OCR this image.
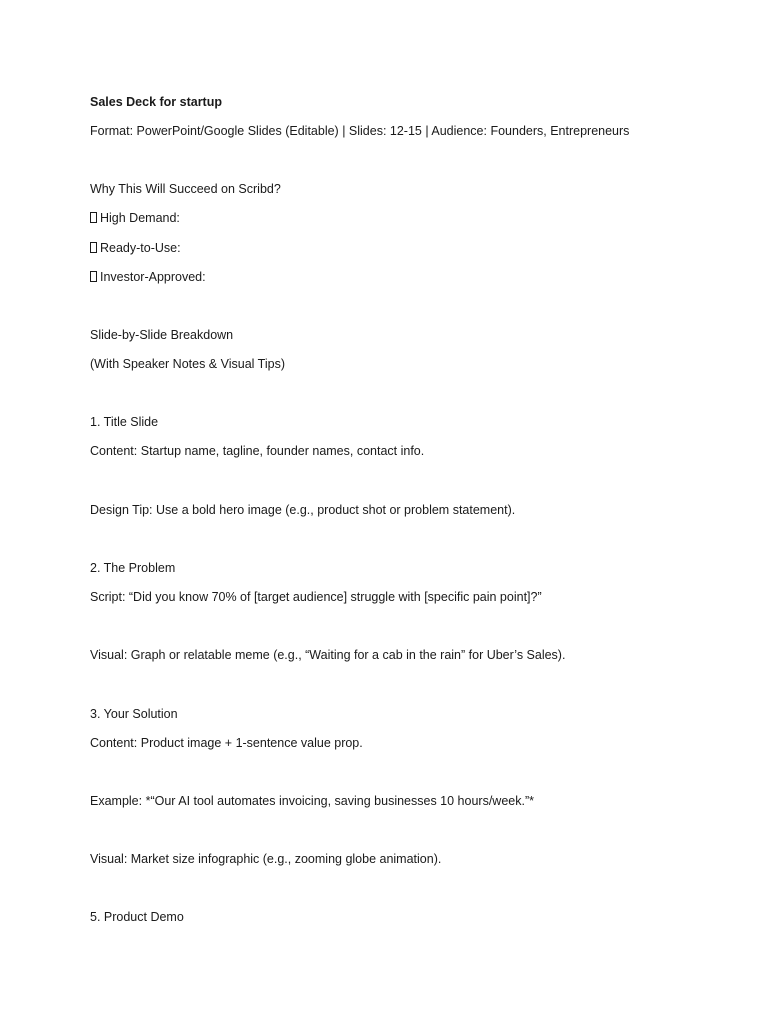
Sales Deck for startup

Format: PowerPoint/Google Slides (Editable) | Slides: 12-15 | Audience: Founders, Entrepreneurs

Why This Will Succeed on Scribd?

High Demand:

Ready-to-Use:

Investor-Approved:

Slide-by-Slide Breakdown

(With Speaker Notes & Visual Tips)

1. Title Slide

Content: Startup name, tagline, founder names, contact info.

Design Tip: Use a bold hero image (e.g., product shot or problem statement).

2. The Problem

Script: “Did you know 70% of [target audience] struggle with [specific pain point]?”

Visual: Graph or relatable meme (e.g., “Waiting for a cab in the rain” for Uber’s Sales).

3. Your Solution

Content: Product image + 1-sentence value prop.

Example: *“Our AI tool automates invoicing, saving businesses 10 hours/week.”*

Visual: Market size infographic (e.g., zooming globe animation).

5. Product Demo
